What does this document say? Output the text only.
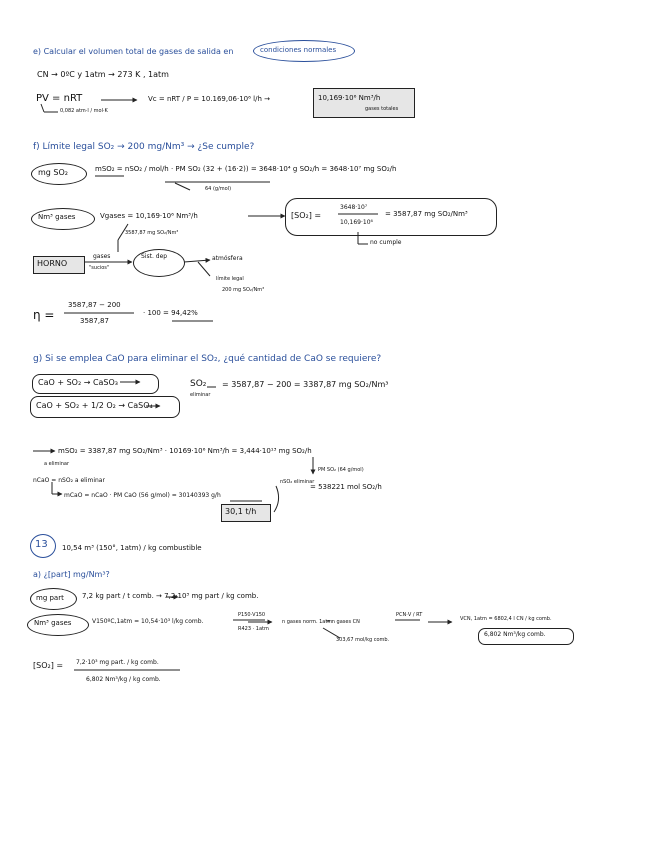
e) Calcular el volumen total de gases de salida en	condiciones normales
CN → 0ºC y 1atm → 273 K , 1atm
PV = nRT
0,082 atm·l / mol·K
Vc = nRT / P = 10.169,06·10⁶ l/h →	10,169·10⁶ Nm³/h
gases totales
f) Límite legal SO₂ → 200 mg/Nm³ → ¿Se cumple?
mg SO₂	mSO₂ = nSO₂ / mol/h · PM SO₂ (32 + (16·2)) = 3648·10⁴ g SO₂/h = 3648·10⁷ mg SO₂/h
64 (g/mol)
Nm³ gases	Vgases = 10,169·10⁶ Nm³/h	[SO₂] =
3648·10⁷
10,169·10⁶
= 3587,87 mg SO₂/Nm³
no cumple
3587,87 mg SO₂/Nm³
HORNO
gases
"sucios"
Sist. dep	atmósfera
límite legal
200 mg SO₂/Nm³
η =
3587,87 − 200
3587,87
· 100 = 94,42%
g) Si se emplea CaO para eliminar el SO₂, ¿qué cantidad de CaO se requiere?
CaO + SO₂ → CaSO₃
CaO + SO₂ + 1/2 O₂ → CaSO₄
SO₂
eliminar
= 3587,87 − 200 = 3387,87 mg SO₂/Nm³
mSO₂ = 3387,87 mg SO₂/Nm³ · 10169·10⁶ Nm³/h = 3,444·10¹³ mg SO₂/h
a eliminar
PM SO₂ (64 g/mol)
nCaO = nSO₂ a eliminar	nSO₂ eliminar
= 538221 mol SO₂/h
mCaO = nCaO · PM CaO (56 g/mol) = 30140393 g/h
30,1 t/h
13 10,54 m³ (150°, 1atm) / kg combustible
a) ¿[part] mg/Nm³?
mg part	7,2 kg part / t comb. → 7,2·10³ mg part / kg comb.
Nm³ gases	V150ºC,1atm = 10,54·10³ l/kg comb.
P150·V150
R423 · 1atm
n gases norm. 1atm
= n gases CN
PCN·V / RT
303,67 mol/kg comb.
VCN, 1atm = 6802,4 l CN / kg comb.
6,802 Nm³/kg comb.
[SO₂] = 7,2·10³ mg part. / kg comb.
6,802 Nm³/kg / kg comb.
